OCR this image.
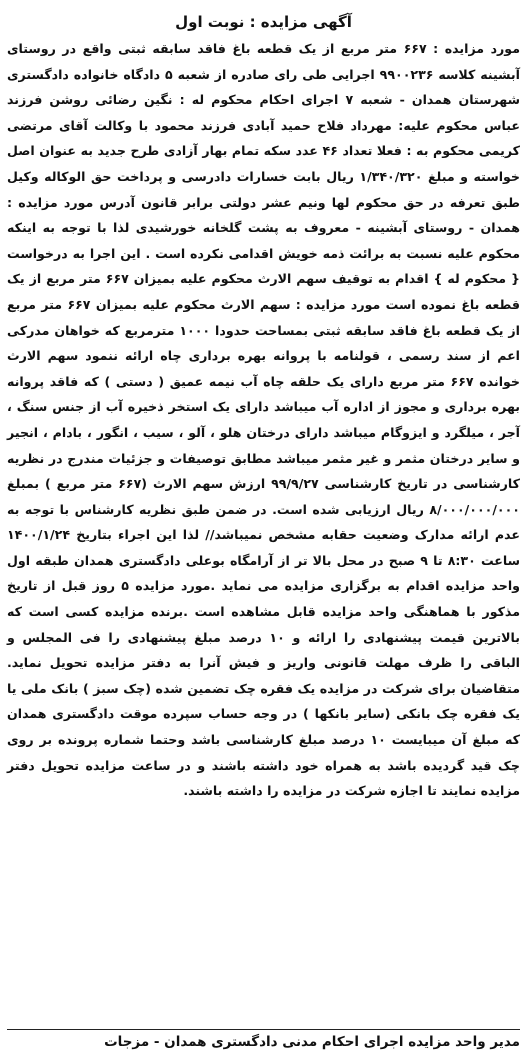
آگهی مزایده : نوبت اول
مورد مزایده : ۶۶۷ متر مربع از یک قطعه باغ فاقد سابقه ثبتی واقع در روستای آبشینه کلاسه ۹۹۰۰۲۳۶ اجرایی طی رای صادره از شعبه ۵ دادگاه خانواده دادگستری شهرستان همدان - شعبه ۷ اجرای احکام محکوم له : نگین رضائی روشن فرزند عباس محکوم علیه: مهرداد فلاح حمید آبادی فرزند محمود با وکالت آقای مرتضی کریمی محکوم به : فعلا تعداد ۴۶ عدد سکه تمام بهار آزادی طرح جدید به عنوان اصل خواسته و مبلغ ۱/۳۴۰/۳۲۰ ریال بابت خسارات دادرسی و پرداخت حق الوکاله وکیل طبق تعرفه در حق محکوم لها ونیم عشر دولتی برابر قانون آدرس مورد مزایده : همدان - روستای آبشینه - معروف به پشت گلخانه خورشیدی لذا با توجه به اینکه محکوم علیه نسبت به برائت ذمه خویش اقدامی نکرده است . این اجرا به درخواست { محکوم له } اقدام به توقیف سهم الارث محکوم علیه بمیزان ۶۶۷ متر مربع از یک قطعه باغ نموده است مورد مزایده : سهم الارث محکوم علیه بمیزان ۶۶۷ متر مربع از یک قطعه باغ فاقد سابقه ثبتی بمساحت حدودا ۱۰۰۰ مترمربع که خواهان مدرکی اعم از سند رسمی ، قولنامه با پروانه بهره برداری چاه ارائه ننمود سهم الارث خوانده ۶۶۷ متر مربع دارای یک حلقه چاه آب نیمه عمیق ( دستی ) که فاقد پروانه بهره برداری و مجوز از اداره آب میباشد دارای یک استخر ذخیره آب از جنس سنگ ، آجر ، میلگرد و ایزوگام میباشد دارای درختان هلو ، آلو ، سیب ، انگور ، بادام ، انجیر و سایر درختان مثمر و غیر مثمر میباشد مطابق توصیفات و جزئیات مندرج در نظریه کارشناسی در تاریخ کارشناسی ۹۹/۹/۲۷ ارزش سهم الارث (۶۶۷ متر مربع ) بمبلغ ۸/۰۰۰/۰۰۰/۰۰۰ ریال ارزیابی شده است. در ضمن طبق نظریه کارشناس با توجه به عدم ارائه مدارک وضعیت حقابه مشخص نمیباشد// لذا این اجراء بتاریخ ۱۴۰۰/۱/۲۴ ساعت ۸:۳۰ تا ۹ صبح در محل بالا تر از آرامگاه بوعلی دادگستری همدان طبقه اول واحد مزایده اقدام به برگزاری مزایده می نماید .مورد مزایده ۵ روز قبل از تاریخ مذکور با هماهنگی واحد مزایده قابل مشاهده است .برنده مزایده کسی است که بالاترین قیمت پیشنهادی را ارائه و ۱۰ درصد مبلغ پیشنهادی را فی المجلس و الباقی را ظرف مهلت قانونی واریز و فیش آنرا به دفتر مزایده تحویل نماید. متقاضیان برای شرکت در مزایده یک فقره چک تضمین شده (چک سبز ) بانک ملی یا یک فقره چک بانکی (سایر بانکها ) در وجه حساب سپرده موقت دادگستری همدان که مبلغ آن میبایست ۱۰ درصد مبلغ کارشناسی باشد وحتما شماره پرونده بر روی چک قید گردیده باشد به همراه خود داشته باشند و در ساعت مزایده تحویل دفتر مزایده نمایند تا اجازه شرکت در مزایده را داشته باشند.
مدیر واحد مزایده اجرای احکام مدنی دادگستری همدان - مزجات
